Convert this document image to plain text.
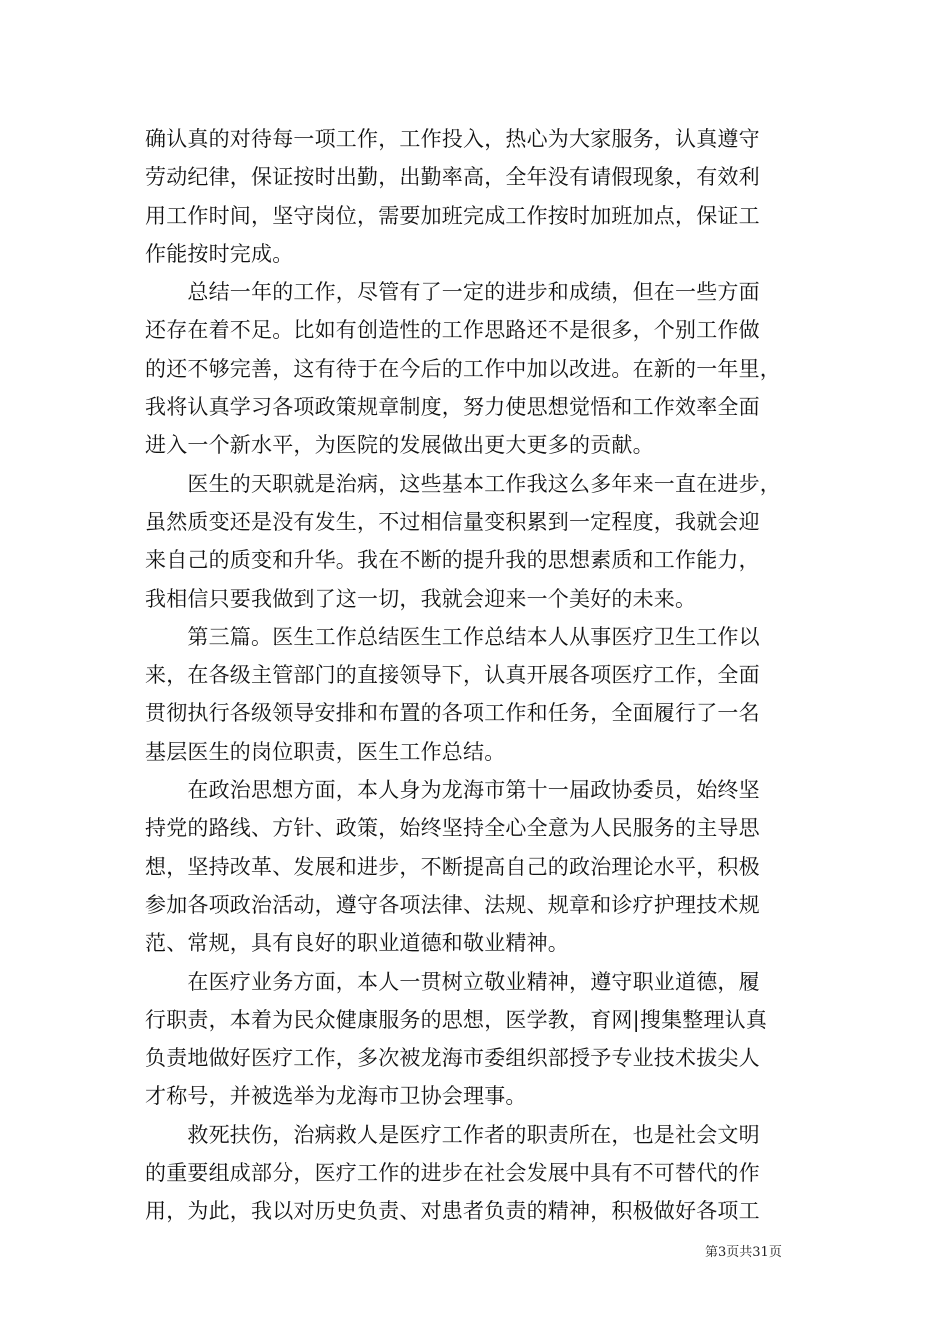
确认真的对待每一项工作，工作投入，热心为大家服务，认真遵守
劳动纪律，保证按时出勤，出勤率高，全年没有请假现象，有效利
用工作时间，坚守岗位，需要加班完成工作按时加班加点，保证工
作能按时完成。
　　总结一年的工作，尽管有了一定的进步和成绩，但在一些方面
还存在着不足。比如有创造性的工作思路还不是很多，个别工作做
的还不够完善，这有待于在今后的工作中加以改进。在新的一年里，
我将认真学习各项政策规章制度，努力使思想觉悟和工作效率全面
进入一个新水平，为医院的发展做出更大更多的贡献。
　　医生的天职就是治病，这些基本工作我这么多年来一直在进步，
虽然质变还是没有发生，不过相信量变积累到一定程度，我就会迎
来自己的质变和升华。我在不断的提升我的思想素质和工作能力，
我相信只要我做到了这一切，我就会迎来一个美好的未来。
　　第三篇。医生工作总结医生工作总结本人从事医疗卫生工作以
来，在各级主管部门的直接领导下，认真开展各项医疗工作，全面
贯彻执行各级领导安排和布置的各项工作和任务，全面履行了一名
基层医生的岗位职责，医生工作总结。
　　在政治思想方面，本人身为龙海市第十一届政协委员，始终坚
持党的路线、方针、政策，始终坚持全心全意为人民服务的主导思
想，坚持改革、发展和进步，不断提高自己的政治理论水平，积极
参加各项政治活动，遵守各项法律、法规、规章和诊疗护理技术规
范、常规，具有良好的职业道德和敬业精神。
　　在医疗业务方面，本人一贯树立敬业精神，遵守职业道德，履
行职责，本着为民众健康服务的思想，医学教，育网|搜集整理认真
负责地做好医疗工作，多次被龙海市委组织部授予专业技术拔尖人
才称号，并被选举为龙海市卫协会理事。
　　救死扶伤，治病救人是医疗工作者的职责所在，也是社会文明
的重要组成部分，医疗工作的进步在社会发展中具有不可替代的作
用，为此，我以对历史负责、对患者负责的精神，积极做好各项工
第3页共31页
